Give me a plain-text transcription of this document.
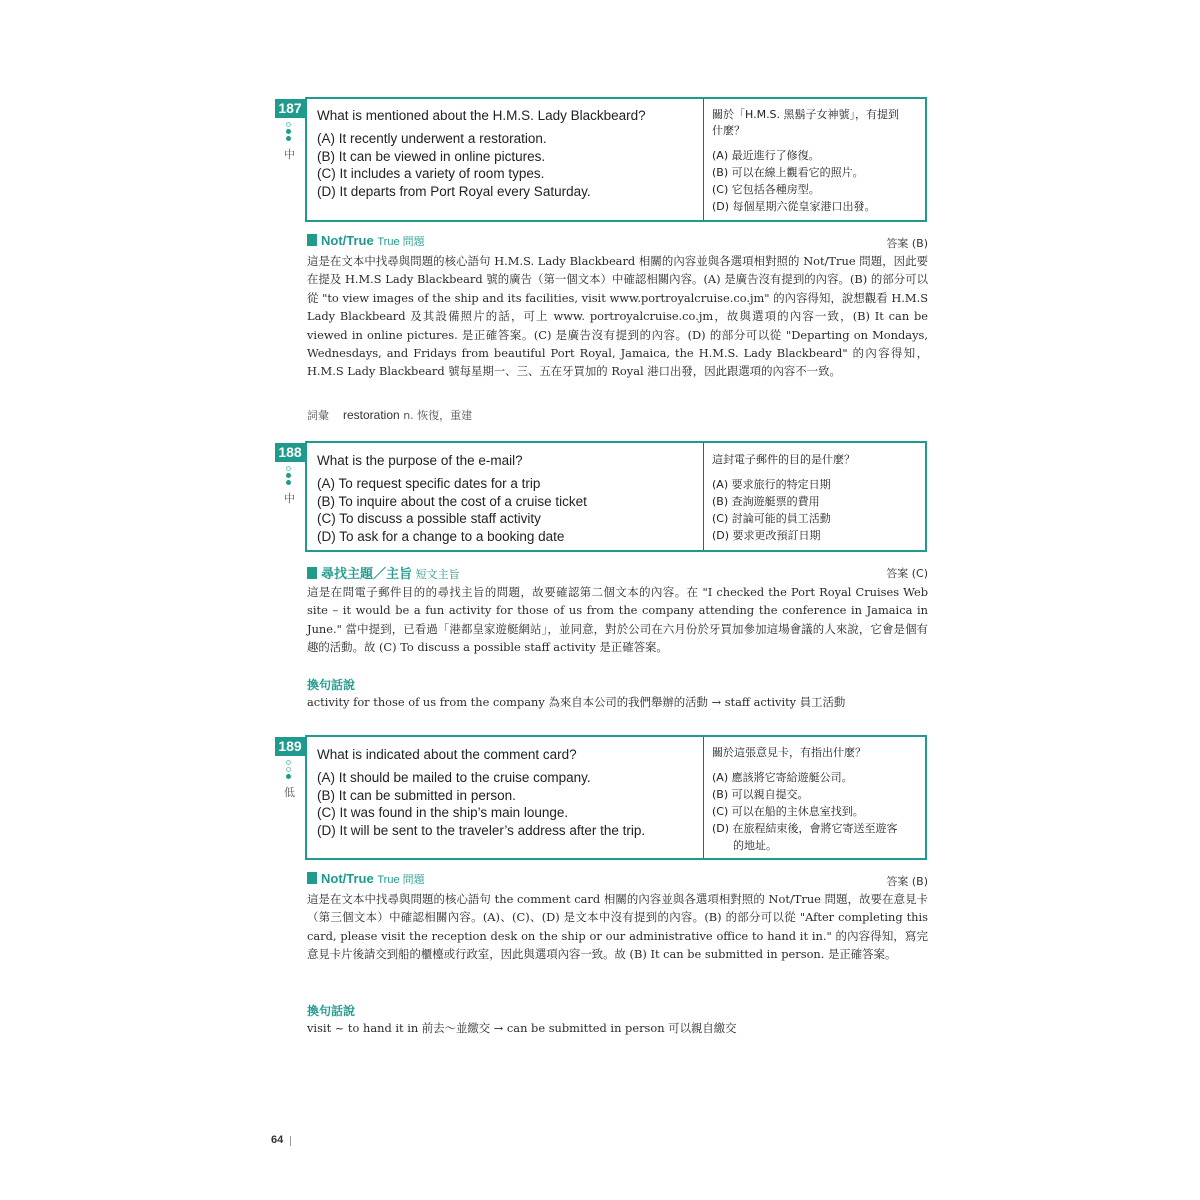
187
中
What is mentioned about the H.M.S. Lady Blackbeard?
(A) It recently underwent a restoration.
(B) It can be viewed in online pictures.
(C) It includes a variety of room types.
(D) It departs from Port Royal every Saturday.
關於「H.M.S. 黑鬍子女神號」，有提到
什麼？
(A) 最近進行了修復。
(B) 可以在線上觀看它的照片。
(C) 它包括各種房型。
(D) 每個星期六從皇家港口出發。
Not/True True 問題	答案 (B)
這是在文本中找尋與問題的核心語句 H.M.S. Lady Blackbeard 相關的內容並與各選項相對照的 Not/True 問題，因此要在提及 H.M.S Lady Blackbeard 號的廣告（第一個文本）中確認相關內容。(A) 是廣告沒有提到的內容。(B) 的部分可以從 "to view images of the ship and its facilities, visit www.portroyalcruise.co.jm" 的內容得知，說想觀看 H.M.S Lady Blackbeard 及其設備照片的話，可上 www. portroyalcruise.co.jm，故與選項的內容一致，(B) It can be viewed in online pictures. 是正確答案。(C) 是廣告沒有提到的內容。(D) 的部分可以從 "Departing on Mondays, Wednesdays, and Fridays from beautiful Port Royal, Jamaica, the H.M.S. Lady Blackbeard" 的內容得知，H.M.S Lady Blackbeard 號每星期一、三、五在牙買加的 Royal 港口出發，因此跟選項的內容不一致。
詞彙 restoration n. 恢復，重建
188
中
What is the purpose of the e-mail?
(A) To request specific dates for a trip
(B) To inquire about the cost of a cruise ticket
(C) To discuss a possible staff activity
(D) To ask for a change to a booking date
這封電子郵件的目的是什麼？
(A) 要求旅行的特定日期
(B) 查詢遊艇票的費用
(C) 討論可能的員工活動
(D) 要求更改預訂日期
尋找主題／主旨 短文主旨	答案 (C)
這是在問電子郵件目的的尋找主旨的問題，故要確認第二個文本的內容。在 "I checked the Port Royal Cruises Web site – it would be a fun activity for those of us from the company attending the conference in Jamaica in June." 當中提到，已看過「港都皇家遊艇網站」，並同意，對於公司在六月份於牙買加參加這場會議的人來說，它會是個有趣的活動。故 (C) To discuss a possible staff activity 是正確答案。
換句話說
activity for those of us from the company 為來自本公司的我們舉辦的活動 → staff activity 員工活動
189
低
What is indicated about the comment card?
(A) It should be mailed to the cruise company.
(B) It can be submitted in person.
(C) It was found in the ship’s main lounge.
(D) It will be sent to the traveler’s address after the trip.
關於這張意見卡，有指出什麼？
(A) 應該將它寄給遊艇公司。
(B) 可以親自提交。
(C) 可以在船的主休息室找到。
(D) 在旅程結束後，會將它寄送至遊客
的地址。
Not/True True 問題	答案 (B)
這是在文本中找尋與問題的核心語句 the comment card 相關的內容並與各選項相對照的 Not/True 問題，故要在意見卡（第三個文本）中確認相關內容。(A)、(C)、(D) 是文本中沒有提到的內容。(B) 的部分可以從 "After completing this card, please visit the reception desk on the ship or our administrative office to hand it in." 的內容得知，寫完意見卡片後請交到船的櫃檯或行政室，因此與選項內容一致。故 (B) It can be submitted in person. 是正確答案。
換句話說
visit ~ to hand it in 前去～並繳交 → can be submitted in person 可以親自繳交
64
